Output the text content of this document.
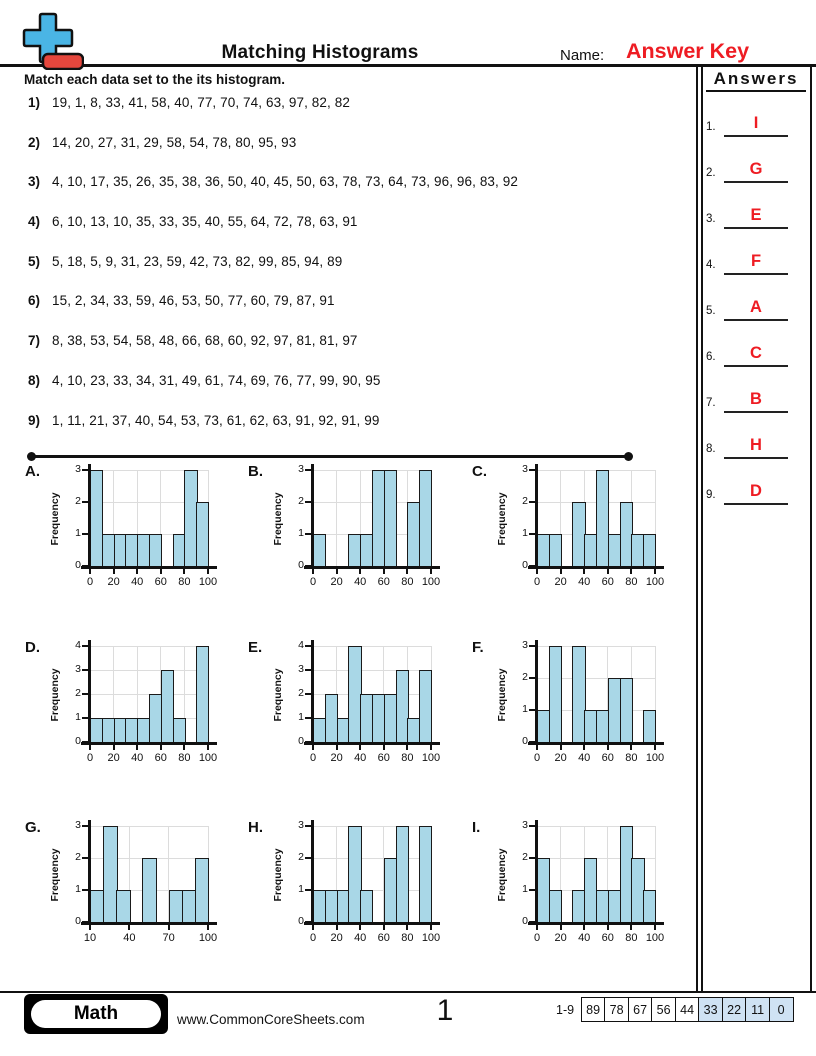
Matching Histograms	Name: Answer Key
Match each data set to the its histogram.	Answers
1.	I
2.	G
3.	E
4.	F
5.	A
6.	C
7.	B
8.	H
9.	D
1) 19, 1, 8, 33, 41, 58, 40, 77, 70, 74, 63, 97, 82, 82
2) 14, 20, 27, 31, 29, 58, 54, 78, 80, 95, 93
3) 4, 10, 17, 35, 26, 35, 38, 36, 50, 40, 45, 50, 63, 78, 73, 64, 73, 96, 96, 83, 92
4) 6, 10, 13, 10, 35, 33, 35, 40, 55, 64, 72, 78, 63, 91
5) 5, 18, 5, 9, 31, 23, 59, 42, 73, 82, 99, 85, 94, 89
6) 15, 2, 34, 33, 59, 46, 53, 50, 77, 60, 79, 87, 91
7) 8, 38, 53, 54, 58, 48, 66, 68, 60, 92, 97, 81, 81, 97
8) 4, 10, 23, 33, 34, 31, 49, 61, 74, 69, 76, 77, 99, 90, 95
9) 1, 11, 21, 37, 40, 54, 53, 73, 61, 62, 63, 91, 92, 91, 99
A.
Frequency
0
1
2
3
0	20	40	60	80 100
B.
Frequency
0
1
2
3
0	20	40	60	80 100
C.
Frequency
0
1
2
3
0	20	40	60	80 100
D.
Frequency
0
1
2
3
4
0	20	40	60	80 100
E.
Frequency
0
1
2
3
4
0	20	40	60	80 100
F.
Frequency
0
1
2
3
0	20	40	60	80 100
G.
Frequency
0
1
2
3
10	40	70	100
H.
Frequency
0
1
2
3
0	20	40	60	80 100
I.
Frequency
0
1
2
3
0	20	40	60	80 100
Math	www.CommonCoreSheets.com	1	1-9 89 78 67 56 44 33 22 11	0
